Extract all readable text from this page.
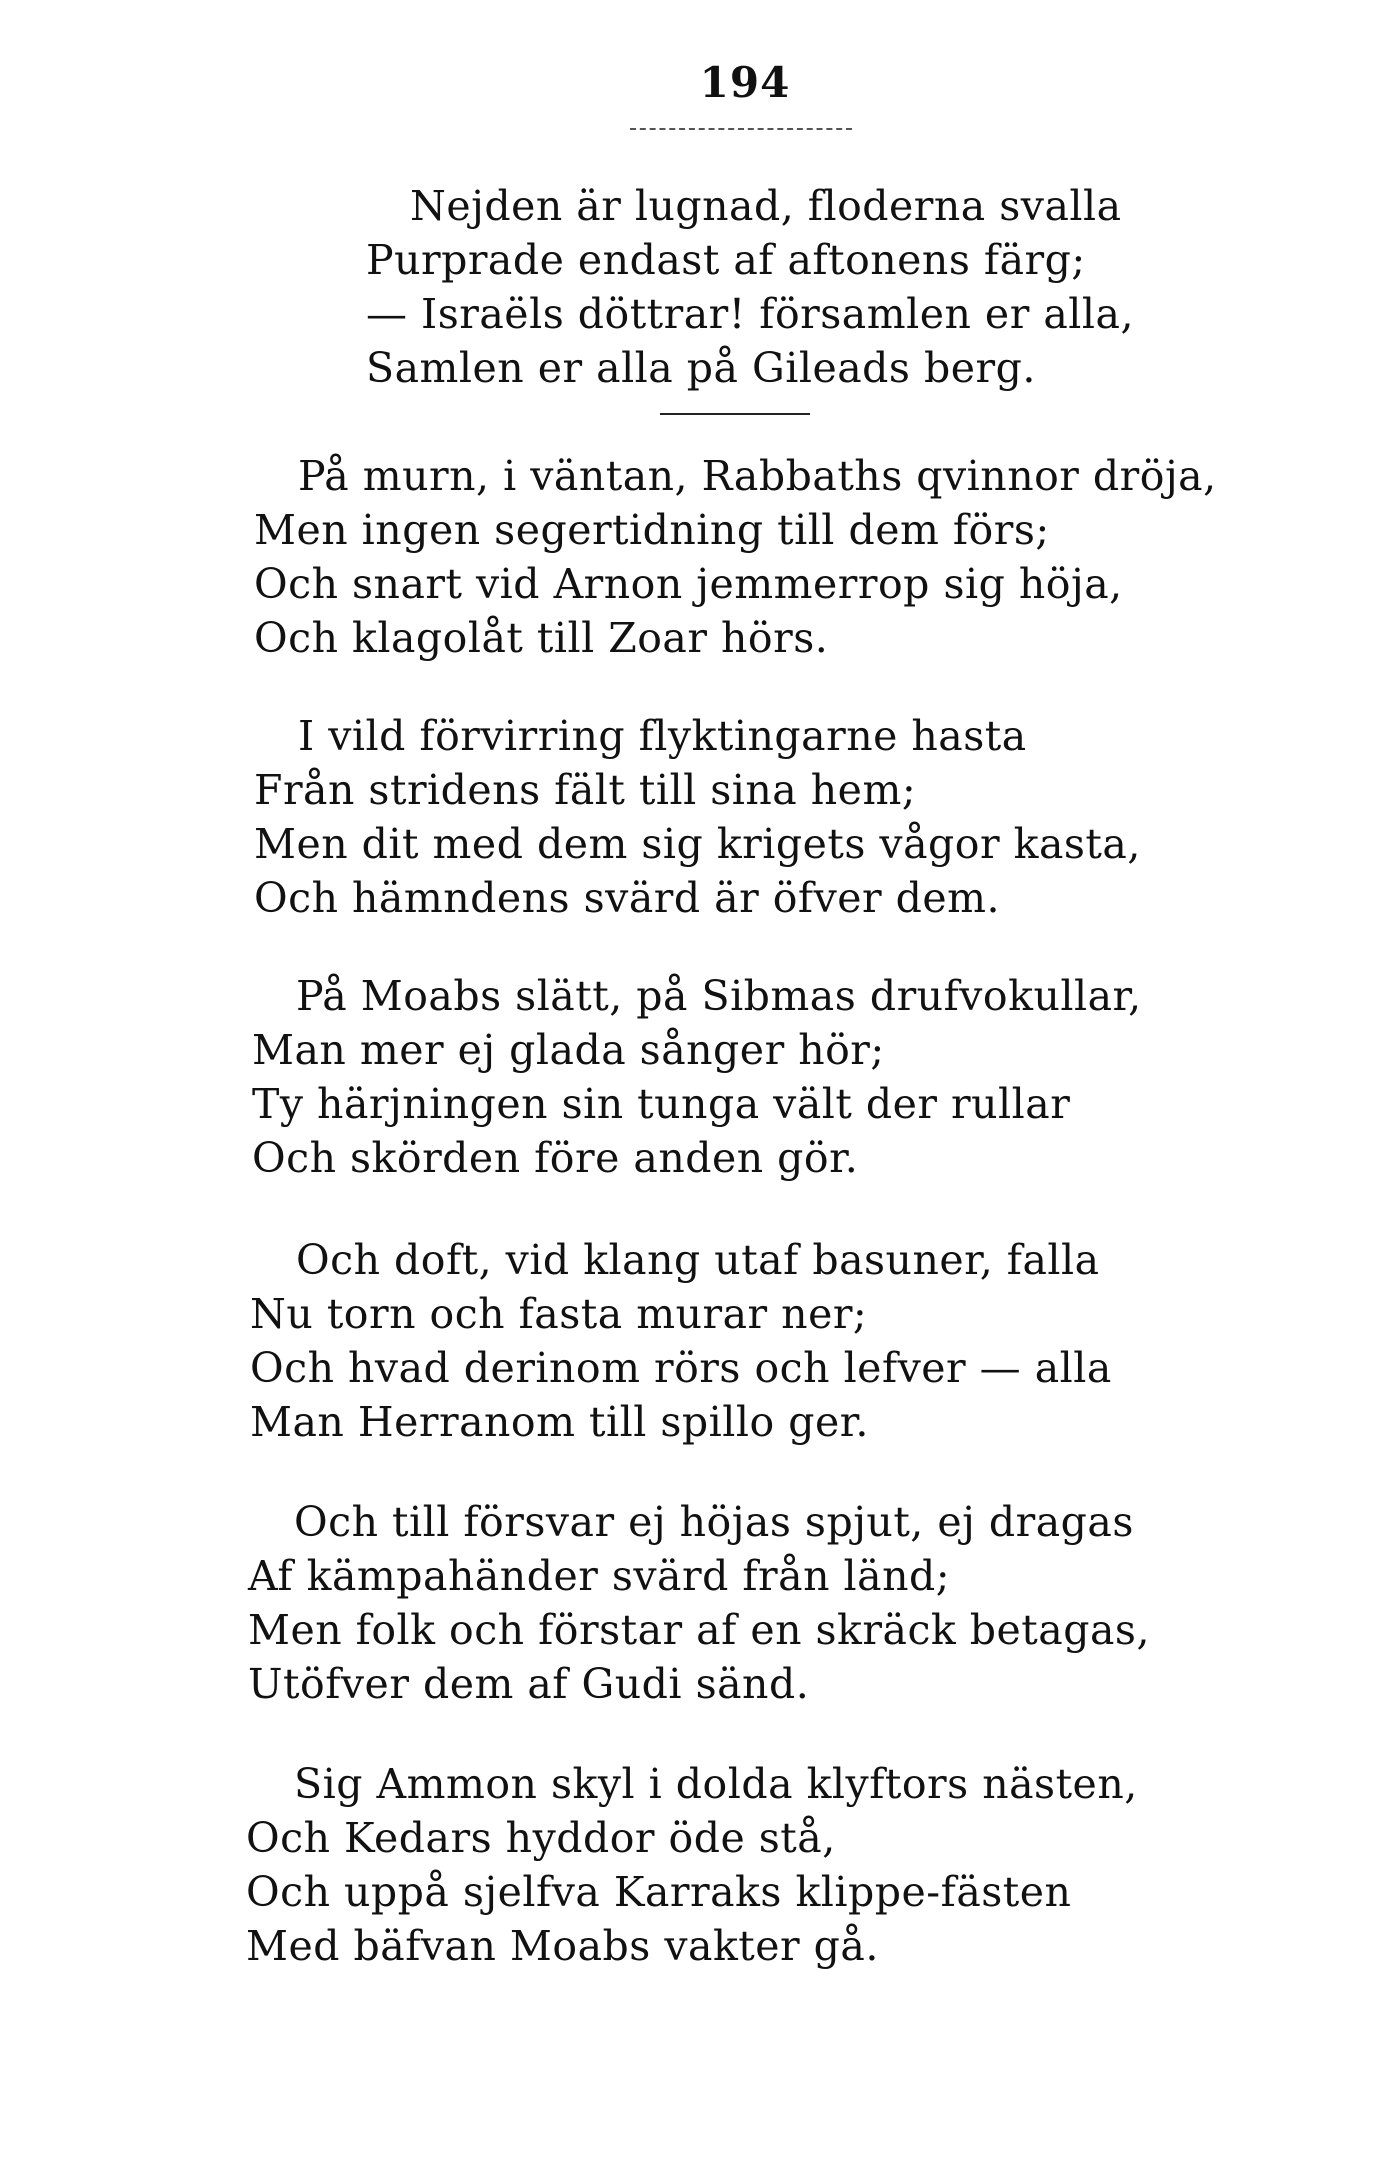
194
Nejden är lugnad, floderna svalla
Purprade endast af aftonens färg;
— Israëls döttrar! församlen er alla,
Samlen er alla på Gileads berg.
På murn, i väntan, Rabbaths qvinnor dröja,
Men ingen segertidning till dem förs;
Och snart vid Arnon jemmerrop sig höja,
Och klagolåt till Zoar hörs.
I vild förvirring flyktingarne hasta
Från stridens fält till sina hem;
Men dit med dem sig krigets vågor kasta,
Och hämndens svärd är öfver dem.
På Moabs slätt, på Sibmas drufvokullar,
Man mer ej glada sånger hör;
Ty härjningen sin tunga vält der rullar
Och skörden före anden gör.
Och doft, vid klang utaf basuner, falla
Nu torn och fasta murar ner;
Och hvad derinom rörs och lefver — alla
Man Herranom till spillo ger.
Och till försvar ej höjas spjut, ej dragas
Af kämpahänder svärd från länd;
Men folk och förstar af en skräck betagas,
Utöfver dem af Gudi sänd.
Sig Ammon skyl i dolda klyftors nästen,
Och Kedars hyddor öde stå,
Och uppå sjelfva Karraks klippe-fästen
Med bäfvan Moabs vakter gå.
